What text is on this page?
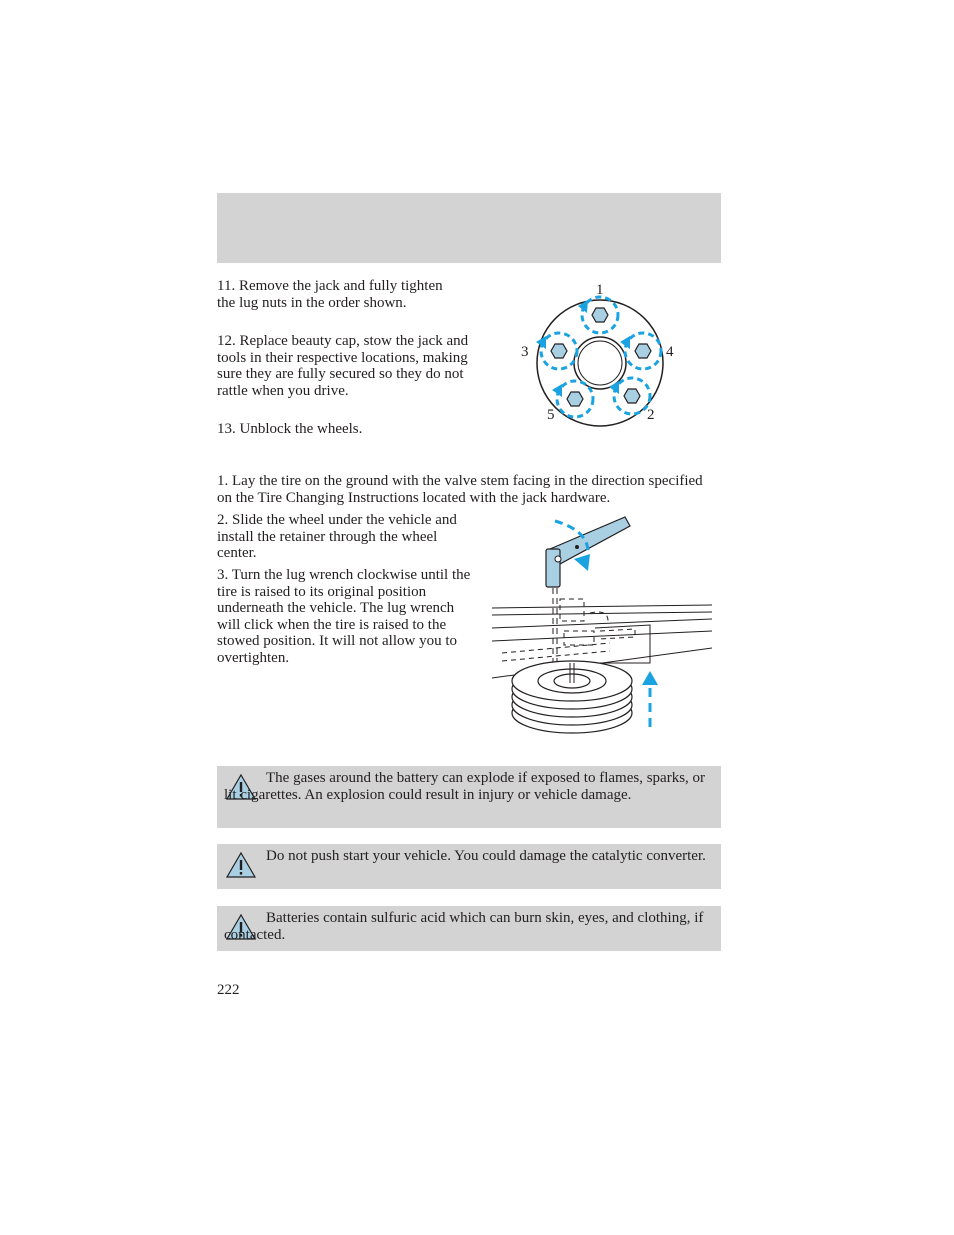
11. Remove the jack and fully tighten the lug nuts in the order shown.

12. Replace beauty cap, stow the jack and tools in their respective locations, making sure they are fully secured so they do not rattle when you drive.

13. Unblock the wheels.

1
3	4
5	2

1. Lay the tire on the ground with the valve stem facing in the direction specified on the Tire Changing Instructions located with the jack hardware.

2. Slide the wheel under the vehicle and install the retainer through the wheel center.

3. Turn the lug wrench clockwise until the tire is raised to its original position underneath the vehicle. The lug wrench will click when the tire is raised to the stowed position. It will not allow you to overtighten.

The gases around the battery can explode if exposed to flames, sparks, or lit cigarettes. An explosion could result in injury or vehicle damage.

Do not push start your vehicle. You could damage the catalytic converter.

Batteries contain sulfuric acid which can burn skin, eyes, and clothing, if contacted.

222
